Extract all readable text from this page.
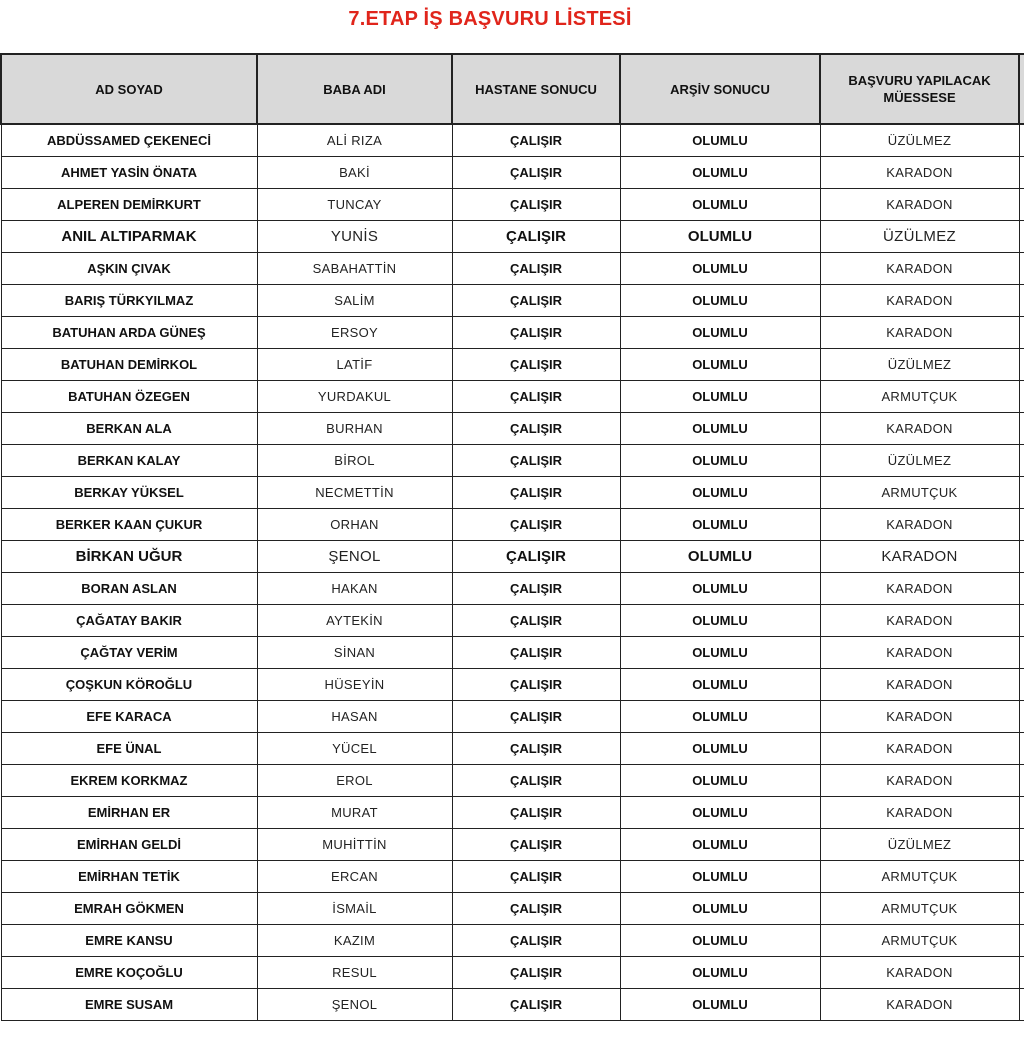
7.ETAP İŞ BAŞVURU LİSTESİ
AD SOYAD	BABA ADI	HASTANE SONUCU	ARŞİV SONUCU	BAŞVURU YAPILACAK MÜESSESE	
ABDÜSSAMED ÇEKENECİ	ALİ RIZA	ÇALIŞIR	OLUMLU	ÜZÜLMEZ	
AHMET YASİN ÖNATA	BAKİ	ÇALIŞIR	OLUMLU	KARADON	
ALPEREN DEMİRKURT	TUNCAY	ÇALIŞIR	OLUMLU	KARADON	
ANIL ALTIPARMAK	YUNİS	ÇALIŞIR	OLUMLU	ÜZÜLMEZ	
AŞKIN ÇIVAK	SABAHATTİN	ÇALIŞIR	OLUMLU	KARADON	
BARIŞ TÜRKYILMAZ	SALİM	ÇALIŞIR	OLUMLU	KARADON	
BATUHAN ARDA GÜNEŞ	ERSOY	ÇALIŞIR	OLUMLU	KARADON	
BATUHAN DEMİRKOL	LATİF	ÇALIŞIR	OLUMLU	ÜZÜLMEZ	
BATUHAN ÖZEGEN	YURDAKUL	ÇALIŞIR	OLUMLU	ARMUTÇUK	
BERKAN ALA	BURHAN	ÇALIŞIR	OLUMLU	KARADON	
BERKAN KALAY	BİROL	ÇALIŞIR	OLUMLU	ÜZÜLMEZ	
BERKAY YÜKSEL	NECMETTİN	ÇALIŞIR	OLUMLU	ARMUTÇUK	
BERKER KAAN ÇUKUR	ORHAN	ÇALIŞIR	OLUMLU	KARADON	
BİRKAN UĞUR	ŞENOL	ÇALIŞIR	OLUMLU	KARADON	
BORAN ASLAN	HAKAN	ÇALIŞIR	OLUMLU	KARADON	
ÇAĞATAY BAKIR	AYTEKİN	ÇALIŞIR	OLUMLU	KARADON	
ÇAĞTAY VERİM	SİNAN	ÇALIŞIR	OLUMLU	KARADON	
ÇOŞKUN KÖROĞLU	HÜSEYİN	ÇALIŞIR	OLUMLU	KARADON	
EFE KARACA	HASAN	ÇALIŞIR	OLUMLU	KARADON	
EFE ÜNAL	YÜCEL	ÇALIŞIR	OLUMLU	KARADON	
EKREM KORKMAZ	EROL	ÇALIŞIR	OLUMLU	KARADON	
EMİRHAN ER	MURAT	ÇALIŞIR	OLUMLU	KARADON	
EMİRHAN GELDİ	MUHİTTİN	ÇALIŞIR	OLUMLU	ÜZÜLMEZ	
EMİRHAN TETİK	ERCAN	ÇALIŞIR	OLUMLU	ARMUTÇUK	
EMRAH GÖKMEN	İSMAİL	ÇALIŞIR	OLUMLU	ARMUTÇUK	
EMRE KANSU	KAZIM	ÇALIŞIR	OLUMLU	ARMUTÇUK	
EMRE KOÇOĞLU	RESUL	ÇALIŞIR	OLUMLU	KARADON	
EMRE SUSAM	ŞENOL	ÇALIŞIR	OLUMLU	KARADON	
